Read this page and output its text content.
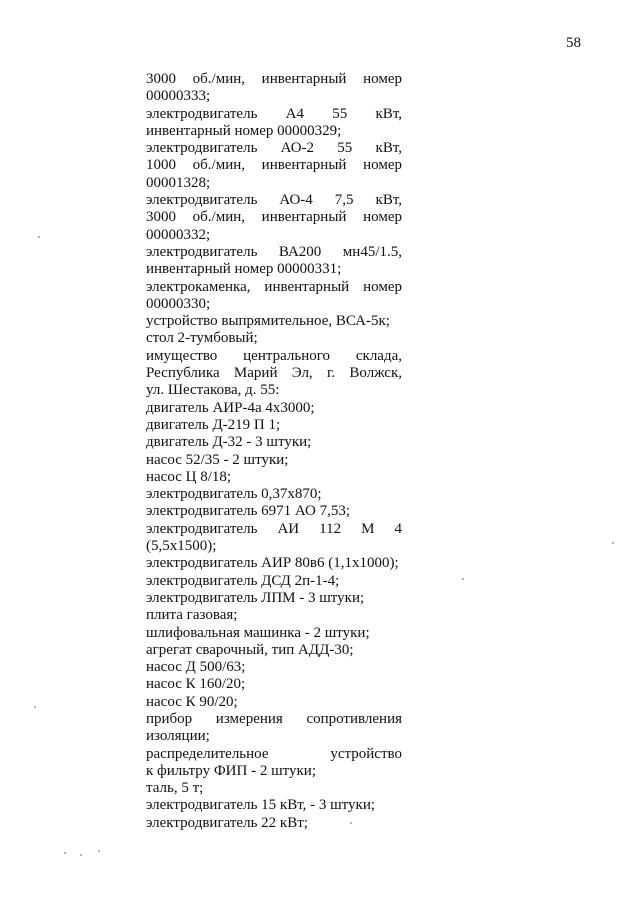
58
3000 об./мин, инвентарный номер
00000333;
электродвигатель А4 55 кВт,
инвентарный номер 00000329;
электродвигатель АО-2 55 кВт,
1000 об./мин, инвентарный номер
00001328;
электродвигатель АО-4 7,5 кВт,
3000 об./мин, инвентарный номер
00000332;
электродвигатель ВА200 мн45/1.5,
инвентарный номер 00000331;
электрокаменка, инвентарный номер
00000330;
устройство выпрямительное, ВСА-5к;
стол 2-тумбовый;
имущество центрального склада,
Республика Марий Эл, г. Волжск,
ул. Шестакова, д. 55:
двигатель АИР-4а 4x3000;
двигатель Д-219 П 1;
двигатель Д-32 - 3 штуки;
насос 52/35 - 2 штуки;
насос Ц 8/18;
электродвигатель 0,37x870;
электродвигатель 6971 АО 7,53;
электродвигатель АИ 112 М 4
(5,5x1500);
электродвигатель АИР 80в6 (1,1x1000);
электродвигатель ДСД 2п-1-4;
электродвигатель ЛПМ - 3 штуки;
плита газовая;
шлифовальная машинка - 2 штуки;
агрегат сварочный, тип АДД-30;
насос Д 500/63;
насос К 160/20;
насос К 90/20;
прибор измерения сопротивления
изоляции;
распределительное устройство
к фильтру ФИП - 2 штуки;
таль, 5 т;
электродвигатель 15 кВт, - 3 штуки;
электродвигатель 22 кВт;
